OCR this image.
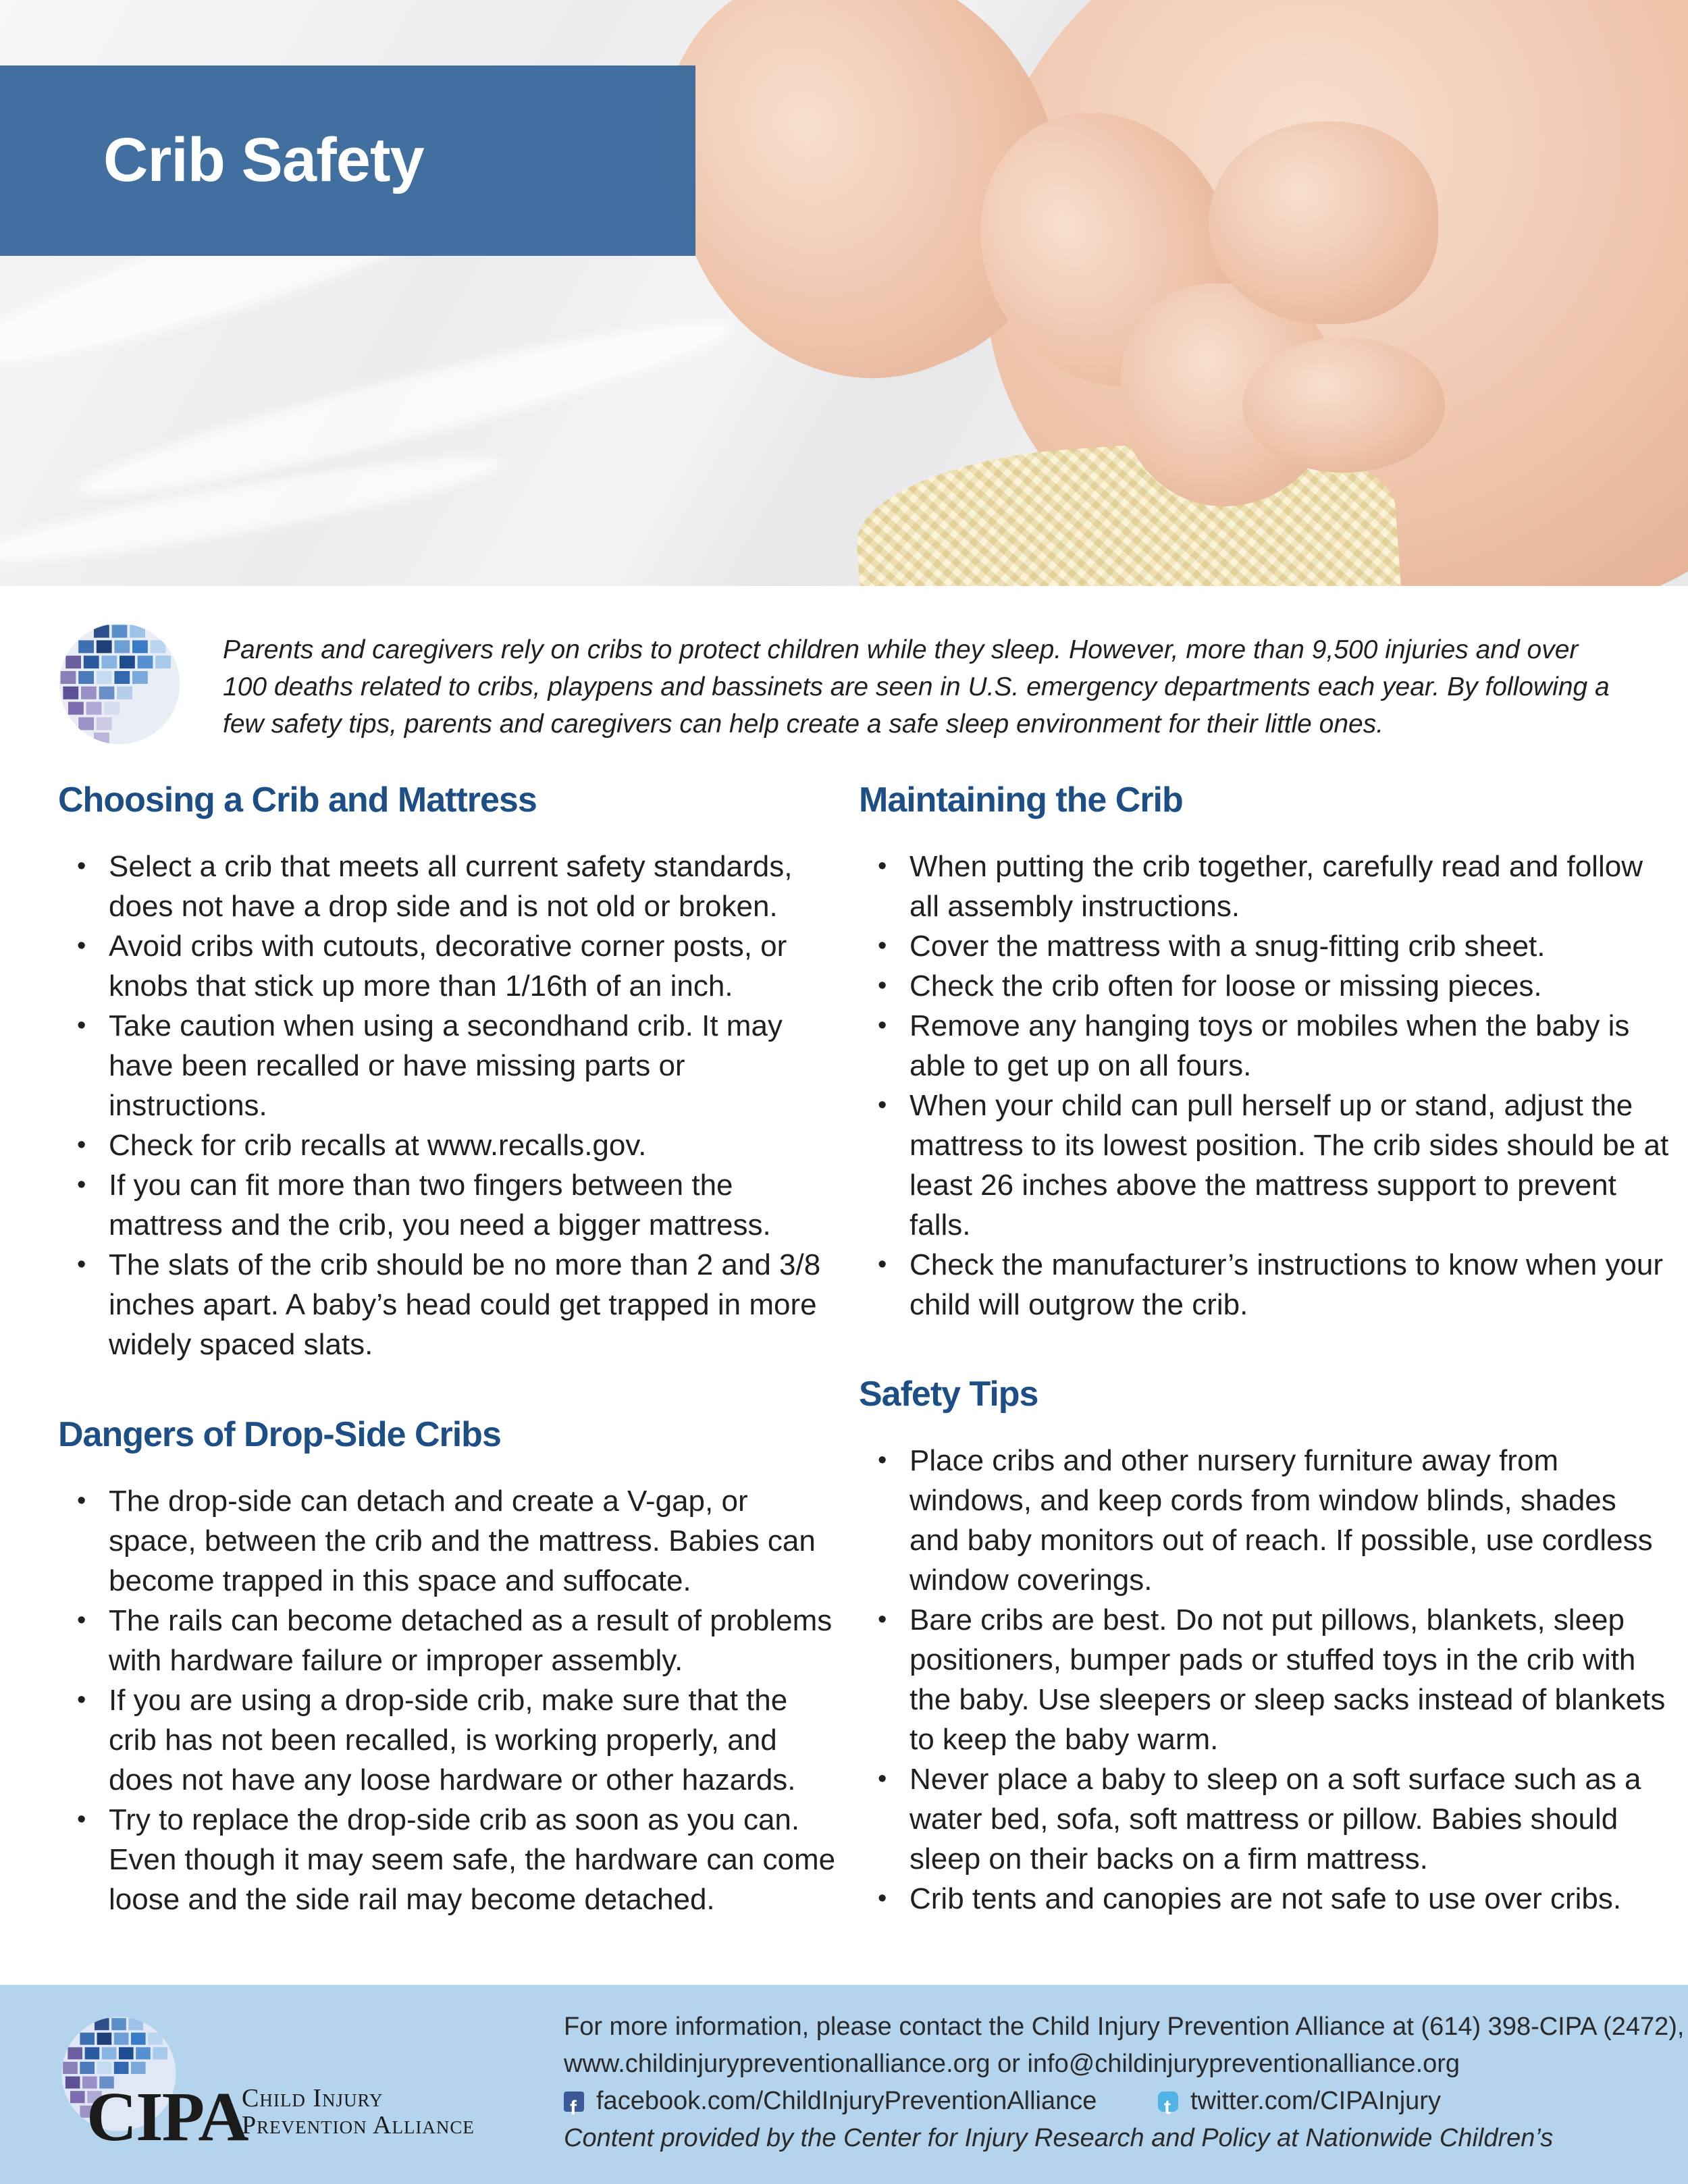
Crib Safety

Parents and caregivers rely on cribs to protect children while they sleep. However, more than 9,500 injuries and over 100 deaths related to cribs, playpens and bassinets are seen in U.S. emergency departments each year. By following a few safety tips, parents and caregivers can help create a safe sleep environment for their little ones.

Choosing a Crib and Mattress
• Select a crib that meets all current safety standards, does not have a drop side and is not old or broken.
• Avoid cribs with cutouts, decorative corner posts, or knobs that stick up more than 1/16th of an inch.
• Take caution when using a secondhand crib. It may have been recalled or have missing parts or instructions.
• Check for crib recalls at www.recalls.gov.
• If you can fit more than two fingers between the mattress and the crib, you need a bigger mattress.
• The slats of the crib should be no more than 2 and 3/8 inches apart. A baby’s head could get trapped in more widely spaced slats.
Dangers of Drop-Side Cribs
• The drop-side can detach and create a V-gap, or space, between the crib and the mattress. Babies can become trapped in this space and suffocate.
• The rails can become detached as a result of problems with hardware failure or improper assembly.
• If you are using a drop-side crib, make sure that the crib has not been recalled, is working properly, and does not have any loose hardware or other hazards.
• Try to replace the drop-side crib as soon as you can. Even though it may seem safe, the hardware can come loose and the side rail may become detached.
Maintaining the Crib
• When putting the crib together, carefully read and follow all assembly instructions.
• Cover the mattress with a snug-fitting crib sheet.
• Check the crib often for loose or missing pieces.
• Remove any hanging toys or mobiles when the baby is able to get up on all fours.
• When your child can pull herself up or stand, adjust the mattress to its lowest position. The crib sides should be at least 26 inches above the mattress support to prevent falls.
• Check the manufacturer’s instructions to know when your child will outgrow the crib.
Safety Tips
• Place cribs and other nursery furniture away from windows, and keep cords from window blinds, shades and baby monitors out of reach. If possible, use cordless window coverings.
• Bare cribs are best. Do not put pillows, blankets, sleep positioners, bumper pads or stuffed toys in the crib with the baby. Use sleepers or sleep sacks instead of blankets to keep the baby warm.
• Never place a baby to sleep on a soft surface such as a water bed, sofa, soft mattress or pillow. Babies should sleep on their backs on a firm mattress.
• Crib tents and canopies are not safe to use over cribs.
CIPA
Child Injury
Prevention Alliance
For more information, please contact the Child Injury Prevention Alliance at (614) 398-CIPA (2472),
www.childinjurypreventionalliance.org or info@childinjurypreventionalliance.org
f
facebook.com/ChildInjuryPreventionAlliance
t	twitter.com/CIPAInjury
Content provided by the Center for Injury Research and Policy at Nationwide Children’s
